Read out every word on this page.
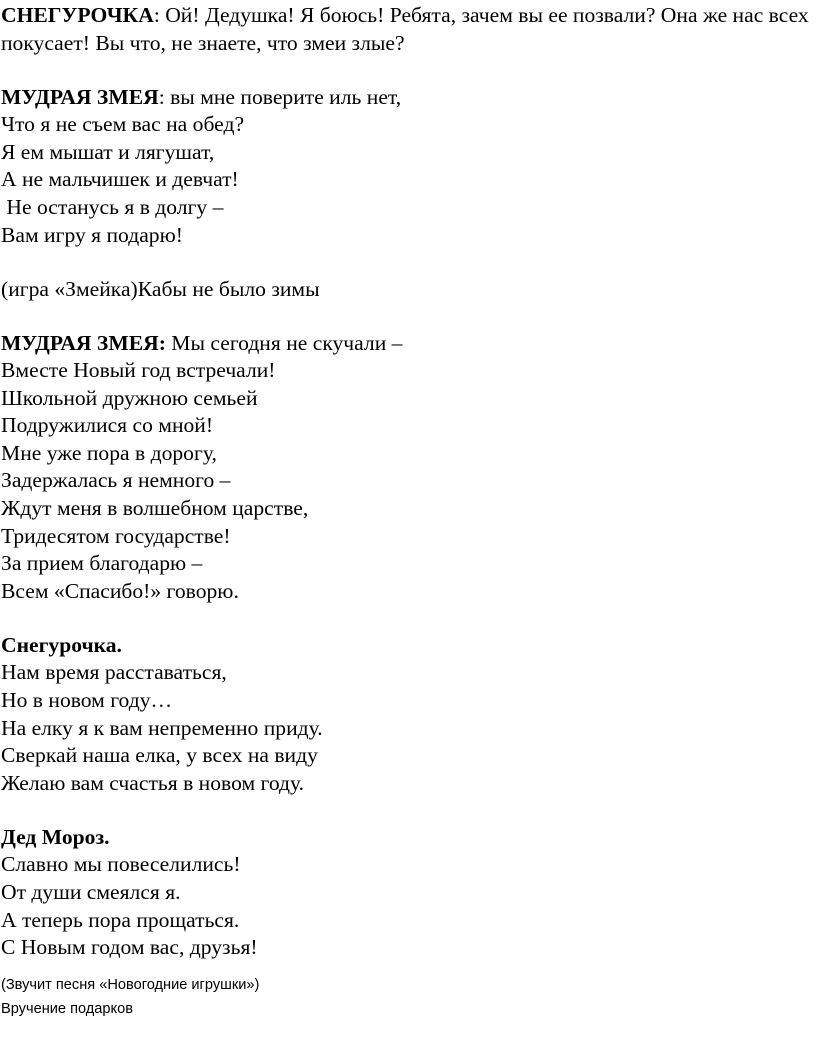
СНЕГУРОЧКА: Ой! Дедушка! Я боюсь! Ребята, зачем вы ее позвали? Она же нас всех покусает! Вы что, не знаете, что змеи злые?
МУДРАЯ ЗМЕЯ: вы мне поверите иль нет,
Что я не съем вас на обед?
Я ем мышат и лягушат,
А не мальчишек и девчат!
Не останусь я в долгу –
Вам игру я подарю!
(игра «Змейка)Кабы не было зимы
МУДРАЯ ЗМЕЯ: Мы сегодня не скучали –
Вместе Новый год встречали!
Школьной дружною семьей
Подружилися со мной!
Мне уже пора в дорогу,
Задержалась я немного –
Ждут меня в волшебном царстве,
Тридесятом государстве!
За прием благодарю –
Всем «Спасибо!» говорю.
Снегурочка.
Нам время расставаться,
Но в новом году…
На елку я к вам непременно приду.
Сверкай наша елка, у всех на виду
Желаю вам счастья в новом году.
Дед Мороз.
Славно мы повеселились!
От души смеялся я.
А теперь пора прощаться.
С Новым годом вас, друзья!
(Звучит песня «Новогодние игрушки»)
Вручение подарков
